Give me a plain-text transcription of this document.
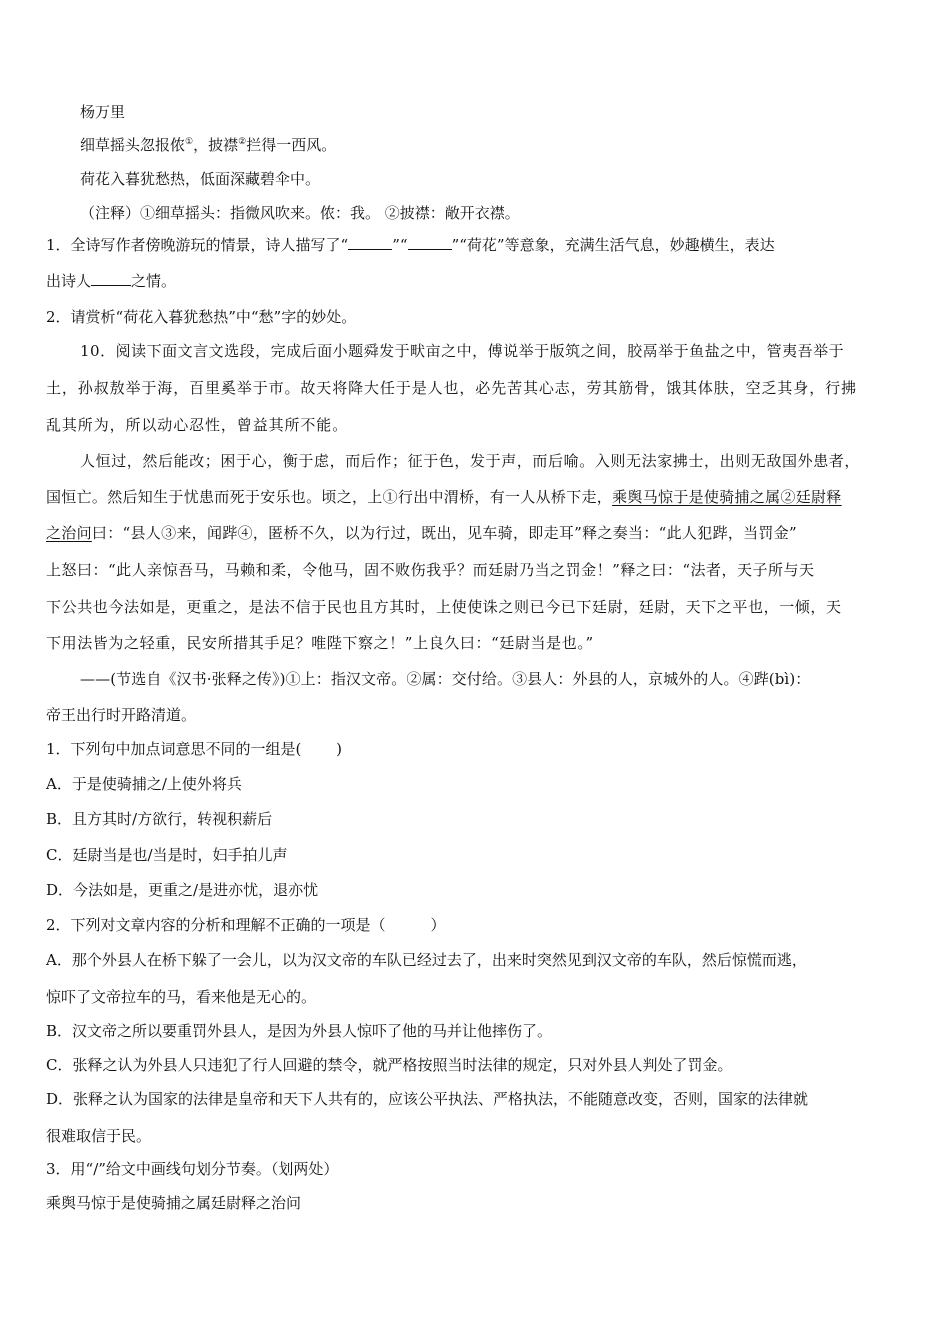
杨万里
细草摇头忽报侬①，披襟②拦得一西风。
荷花入暮犹愁热，低面深藏碧伞中。
（注释）①细草摇头：指微风吹来。侬：我。 ②披襟：敞开衣襟。
1．全诗写作者傍晚游玩的情景，诗人描写了“	”“	”“荷花”等意象，充满生活气息，妙趣横生，表达
出诗人	之情。
2．请赏析“荷花入暮犹愁热”中“愁”字的妙处。
10．阅读下面文言文选段，完成后面小题舜发于畎亩之中，傅说举于版筑之间，胶鬲举于鱼盐之中，管夷吾举于
土，孙叔敖举于海，百里奚举于市。故天将降大任于是人也，必先苦其心志，劳其筋骨，饿其体肤，空乏其身，行拂
乱其所为，所以动心忍性，曾益其所不能。
人恒过，然后能改；困于心，衡于虑，而后作；征于色，发于声，而后喻。入则无法家拂士，出则无敌国外患者，
国恒亡。然后知生于忧患而死于安乐也。顷之，上①行出中渭桥，有一人从桥下走，乘舆马惊于是使骑捕之属②廷尉释
之治问曰：“县人③来，闻跸④，匿桥不久，以为行过，既出，见车骑，即走耳”释之奏当：“此人犯跸，当罚金”
上怒曰：“此人亲惊吾马，马赖和柔，令他马，固不败伤我乎？而廷尉乃当之罚金！”释之曰：“法者，天子所与天
下公共也今法如是，更重之，是法不信于民也且方其时，上使使诛之则已今已下廷尉，廷尉，天下之平也，一倾，天
下用法皆为之轻重，民安所措其手足？唯陛下察之！”上良久曰：“廷尉当是也。”
——(节选自《汉书·张释之传》)①上：指汉文帝。②属：交付给。③县人：外县的人，京城外的人。④跸(bì)：
帝王出行时开路清道。
1．下列句中加点词意思不同的一组是(　　 )
A．于是使骑捕之/上使外将兵
B．且方其时/方欲行，转视积薪后
C．廷尉当是也/当是时，妇手拍儿声
D．今法如是，更重之/是进亦忧，退亦忧
2．下列对文章内容的分析和理解不正确的一项是（　　　）
A．那个外县人在桥下躲了一会儿，以为汉文帝的车队已经过去了，出来时突然见到汉文帝的车队，然后惊慌而逃，
惊吓了文帝拉车的马，看来他是无心的。
B．汉文帝之所以要重罚外县人，是因为外县人惊吓了他的马并让他摔伤了。
C．张释之认为外县人只违犯了行人回避的禁令，就严格按照当时法律的规定，只对外县人判处了罚金。
D．张释之认为国家的法律是皇帝和天下人共有的，应该公平执法、严格执法，不能随意改变，否则，国家的法律就
很难取信于民。
3．用“/”给文中画线句划分节奏。（划两处）
乘舆马惊于是使骑捕之属廷尉释之治问
